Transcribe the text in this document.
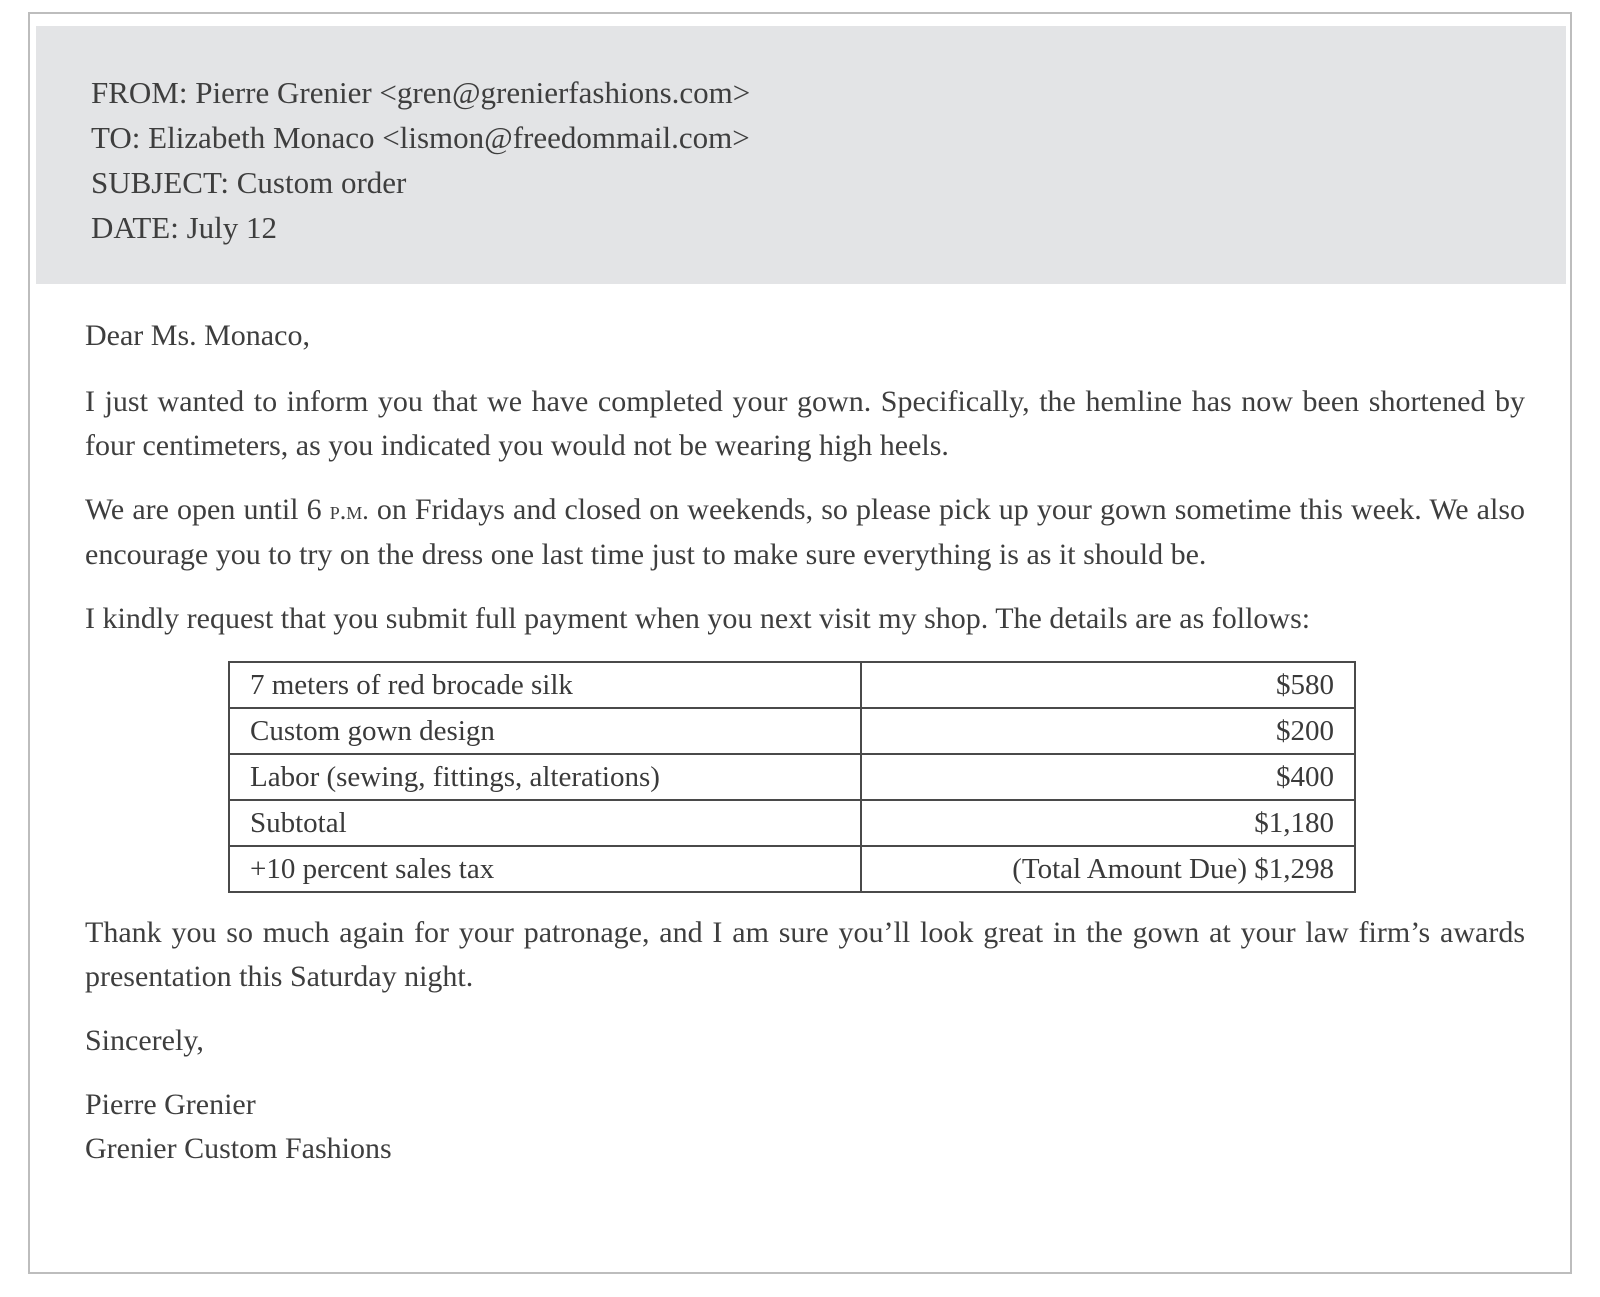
FROM: Pierre Grenier <gren@grenierfashions.com>
TO: Elizabeth Monaco <lismon@freedommail.com>
SUBJECT: Custom order
DATE: July 12

Dear Ms. Monaco,

I just wanted to inform you that we have completed your gown. Specifically, the hemline has now been shortened by four centimeters, as you indicated you would not be wearing high heels.

We are open until 6 p.m. on Fridays and closed on weekends, so please pick up your gown sometime this week. We also encourage you to try on the dress one last time just to make sure everything is as it should be.

I kindly request that you submit full payment when you next visit my shop. The details are as follows:

7 meters of red brocade silk	$580
Custom gown design	$200
Labor (sewing, fittings, alterations)	$400
Subtotal	$1,180
+10 percent sales tax	(Total Amount Due) $1,298

Thank you so much again for your patronage, and I am sure you’ll look great in the gown at your law firm’s awards presentation this Saturday night.

Sincerely,

Pierre Grenier

Grenier Custom Fashions
